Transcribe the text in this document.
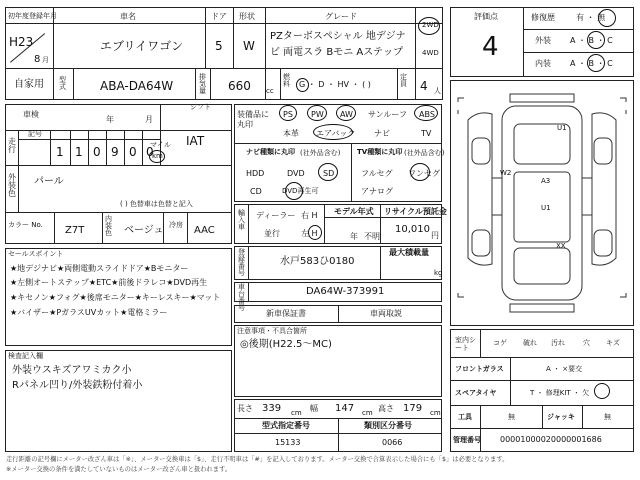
初年度登録年月	車名	ドア 形状	グレード
H23
8 月
エブリイワゴン	5 W
PZターボスペシャル 地デジナ
ビ 両電スラ Bモニ Aステップ
2WD
4WD
自家用 型式	ABA-DA64W
排気量 660 cc
燃料 G ・ D ・ HV ・ ( )
定員 4 人
評価点
4
修復歴	有 ・ 無
外装 A ・ B ・ C
内装 A ・ B ・ C
車検
年	月
シフト
IAT
走行
記号
1 1 0 9 0 0
マイル
km
外装色
パール
( ) 色替車は色替と記入
カラー No. Z7T
内装色 ベージュ 冷房 AAC
装備品に丸印
PS PW AW サンルーフ ABS
本革 エアバック ナビ	TV
ナビ種類に丸印 (社外品含む)
HDD	DVD SD
CD	DVD再生可
TV種類に丸印 (社外品含む)
フルセグ ワンセグ
アナログ
セールスポイント
★地デジナビ★両側電動スライドドア★Bモニター
★左側オートステップ★ETC★前後ドラレコ★DVD再生
★キセノン★フォグ★後席モニター★キーレスキー★マット
★バイザー★PガラスUVカット★電格ミラー
検査記入欄
外装ウスキズアワミカク小
Rパネル凹り/外装鉄粉付着小
輸入車
ディーラー
並行
右 H
左 H
モデル年式
年 不明
リサイクル預託金
10,010
円
登録番号
水戸583ひ0180
最大積載量
kg
車台番号
DA64W-373991
新車保証書	車両取説
注意事項・不具合箇所
◎後期(H22.5〜MC)
長さ 339 cm 幅 147 cm 高さ 179 cm
型式指定番号
15133
類別区分番号
0066
U1
W2
A3
U1
XX
室内シート
コゲ 破れ 汚れ	穴 キズ
フロントガラス	A ・ ×要交
スペアタイヤ	T ・ 修理KIT ・ 欠
工具	無	ジャッキ	無
管理番号 00001000020000001686
走行距離の記号欄にメーター改ざん車は「※」、メーター交換車は「$」、走行不明車は「#」を記入しております。メーター交換で合算表示した場合にも「$」は必要となります。
※メーター交換の条件を満たしていないものはメーター改ざん車と扱われます。
